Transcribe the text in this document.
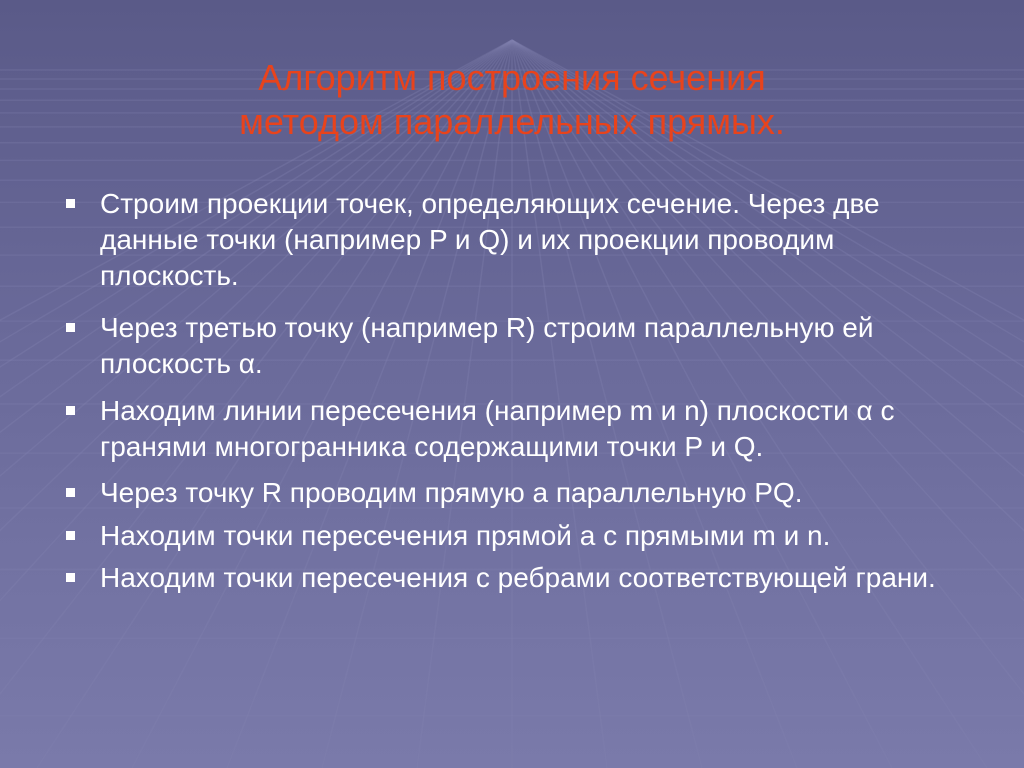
Алгоритм построения сечения
методом параллельных прямых.
Строим проекции точек, определяющих сечение. Через две данные точки (например P и Q) и их проекции проводим плоскость.
Через третью точку (например R) строим параллельную ей плоскость α.
Находим линии пересечения (например m и n) плоскости α с гранями многогранника содержащими точки P и Q.
Через точку R проводим прямую а параллельную PQ.
Находим точки пересечения прямой а с прямыми m и n.
Находим точки пересечения с ребрами соответствующей грани.
